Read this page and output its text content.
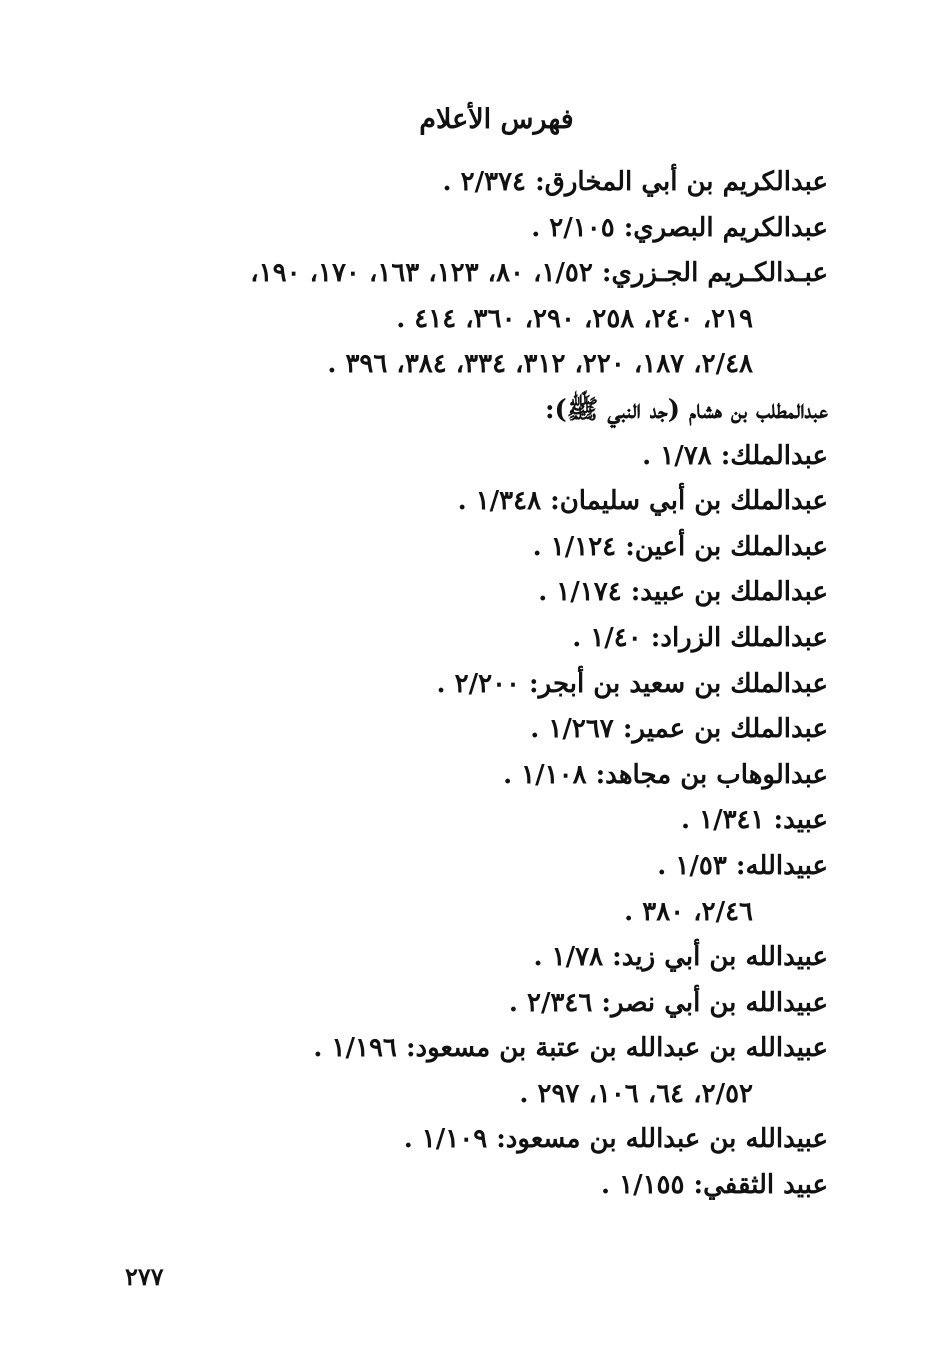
فهرس الأعلام
عبدالكريم بن أبي المخارق: ٢/٣٧٤ .
عبدالكريم البصري: ٢/١٠٥ .
عبـدالكـريم الجـزري: ١/٥٢، ٨٠، ١٢٣، ١٦٣، ١٧٠، ١٩٠،
٢١٩، ٢٤٠، ٢٥٨، ٢٩٠، ٣٦٠، ٤١٤ .
٢/٤٨، ١٨٧، ٢٢٠، ٣١٢، ٣٣٤، ٣٨٤، ٣٩٦ .
عبدالمطلب بن هشام (جد النبي ﷺ):
عبدالملك: ١/٧٨ .
عبدالملك بن أبي سليمان: ١/٣٤٨ .
عبدالملك بن أعين: ١/١٢٤ .
عبدالملك بن عبيد: ١/١٧٤ .
عبدالملك الزراد: ١/٤٠ .
عبدالملك بن سعيد بن أبجر: ٢/٢٠٠ .
عبدالملك بن عمير: ١/٢٦٧ .
عبدالوهاب بن مجاهد: ١/١٠٨ .
عبيد: ١/٣٤١ .
عبيدالله: ١/٥٣ .
٢/٤٦، ٣٨٠ .
عبيدالله بن أبي زيد: ١/٧٨ .
عبيدالله بن أبي نصر: ٢/٣٤٦ .
عبيدالله بن عبدالله بن عتبة بن مسعود: ١/١٩٦ .
٢/٥٢، ٦٤، ١٠٦، ٢٩٧ .
عبيدالله بن عبدالله بن مسعود: ١/١٠٩ .
عبيد الثقفي: ١/١٥٥ .
٢٧٧
